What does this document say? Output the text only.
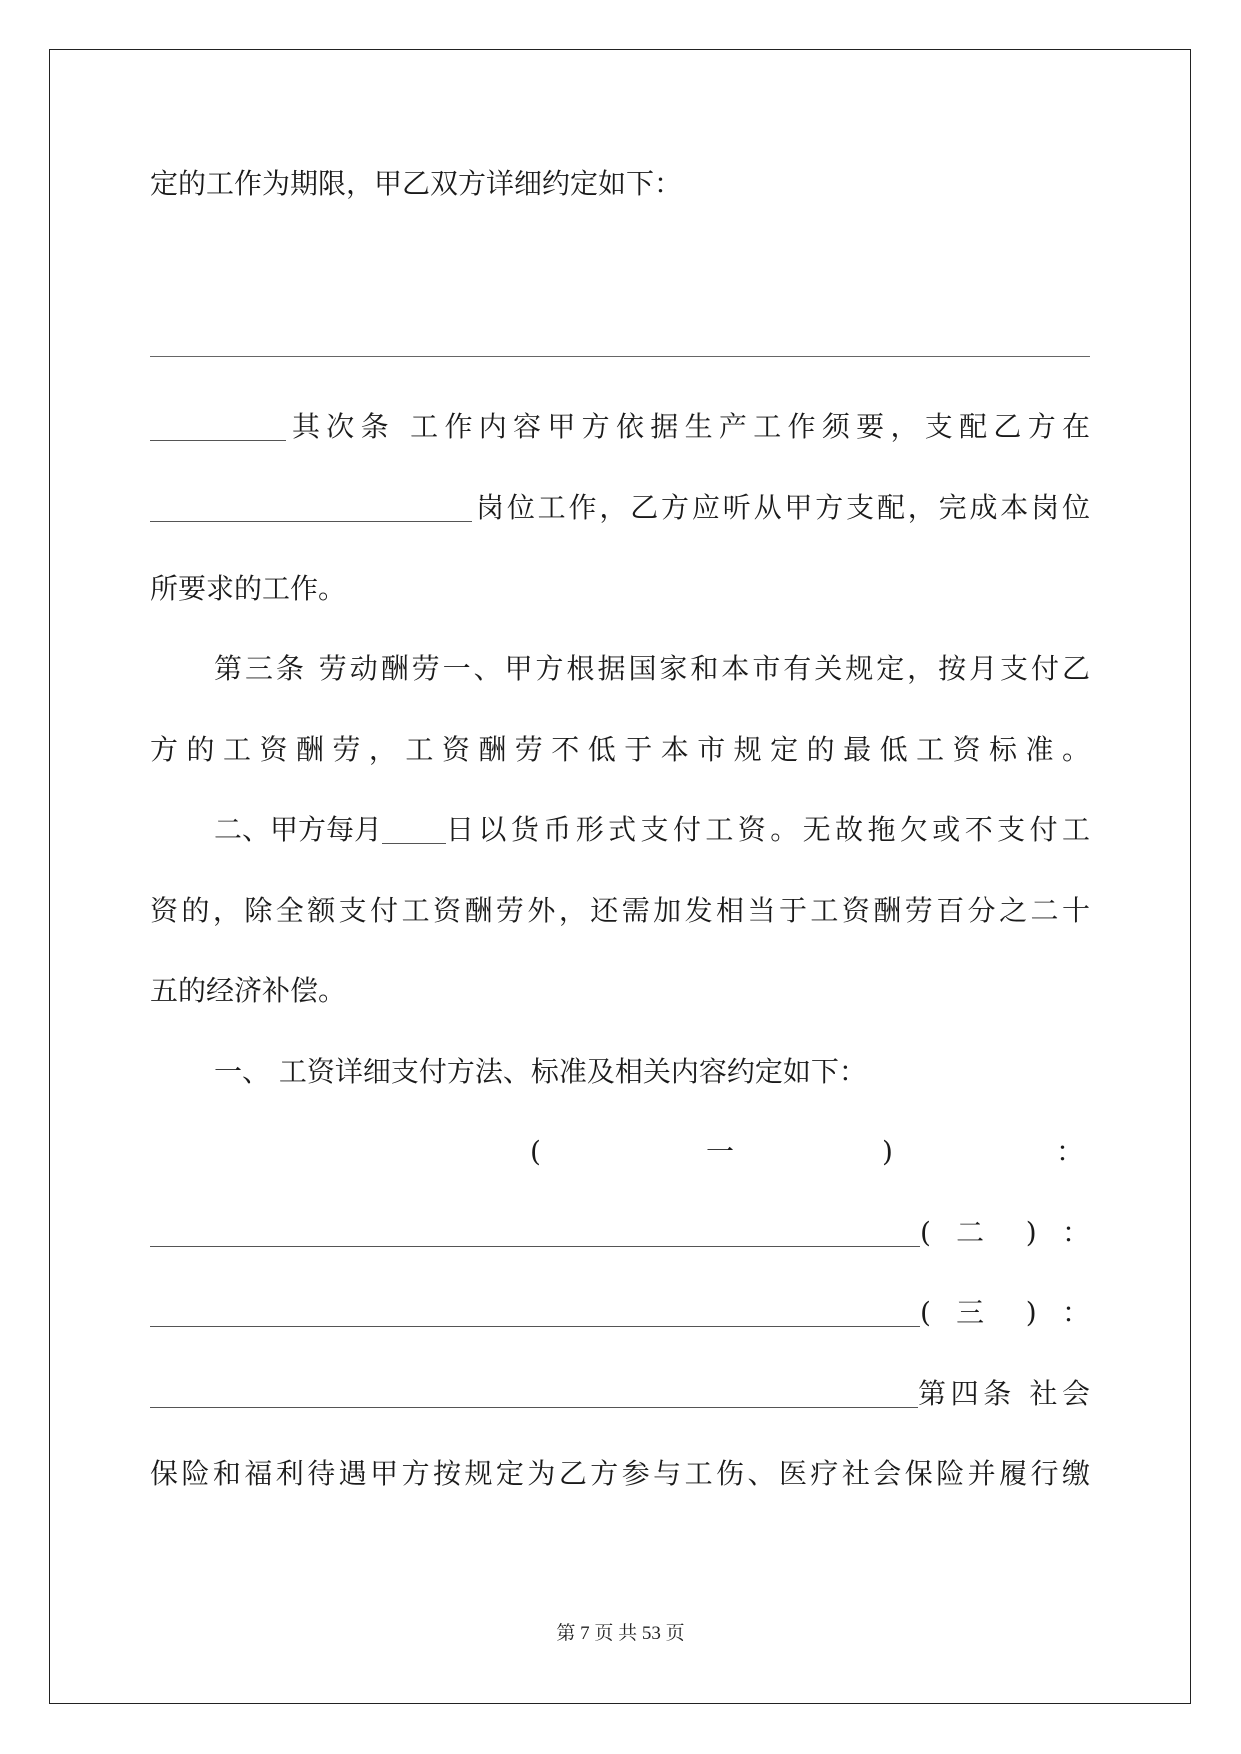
定的工作为期限，甲乙双方详细约定如下：
其次条 工作内容甲方依据生产工作须要，支配乙方在
岗位工作，乙方应听从甲方支配，完成本岗位
所要求的工作。
第三条 劳动酬劳一、甲方根据国家和本市有关规定，按月支付乙
方的工资酬劳，工资酬劳不低于本市规定的最低工资标准。
二、甲方每月 日以货币形式支付工资。无故拖欠或不支付工
资的，除全额支付工资酬劳外，还需加发相当于工资酬劳百分之二十
五的经济补偿。
一、 工资详细支付方法、标准及相关内容约定如下：
(	一	)	：
( 二 ) ：
( 三 ) ：
第四条 社会
保险和福利待遇甲方按规定为乙方参与工伤、医疗社会保险并履行缴
第 7 页 共 53 页
